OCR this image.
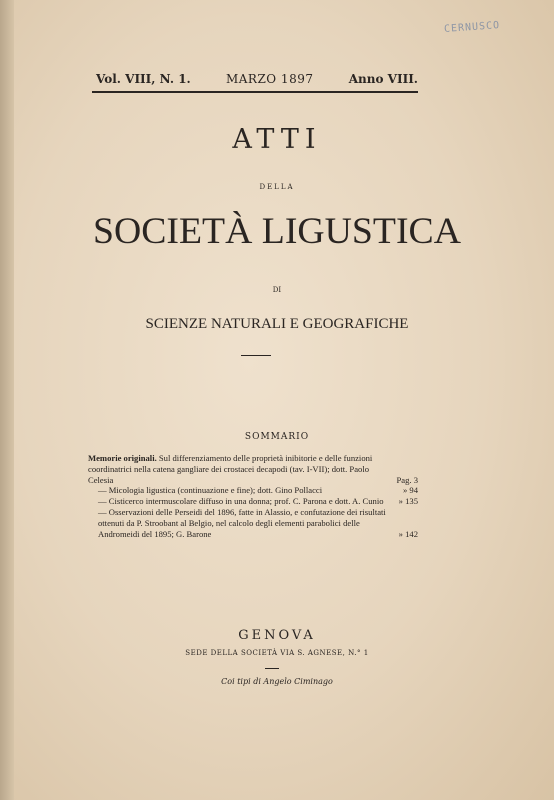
CERNUSCO
Vol. VIII, N. 1.	MARZO 1897	Anno VIII.
ATTI
DELLA
SOCIETÀ LIGUSTICA
DI
SCIENZE NATURALI E GEOGRAFICHE
SOMMARIO
Memorie originali. Sul differenziamento delle proprietà inibitorie e delle funzioni coordinatrici nella catena gangliare dei crostacei decapodi (tav. I-VII); dott. Paolo Celesia	Pag. 3
— Micologia ligustica (continuazione e fine); dott. Gino Pollacci	» 94
— Cisticerco intermuscolare diffuso in una donna; prof. C. Parona e dott. A. Cunio	» 135
— Osservazioni delle Perseidi del 1896, fatte in Alassio, e confutazione dei risultati ottenuti da P. Stroobant al Belgio, nel calcolo degli elementi parabolici delle Andromeidi del 1895; G. Barone	» 142
GENOVA
SEDE DELLA SOCIETÀ VIA S. AGNESE, N.° 1
Coi tipi di Angelo Ciminago
